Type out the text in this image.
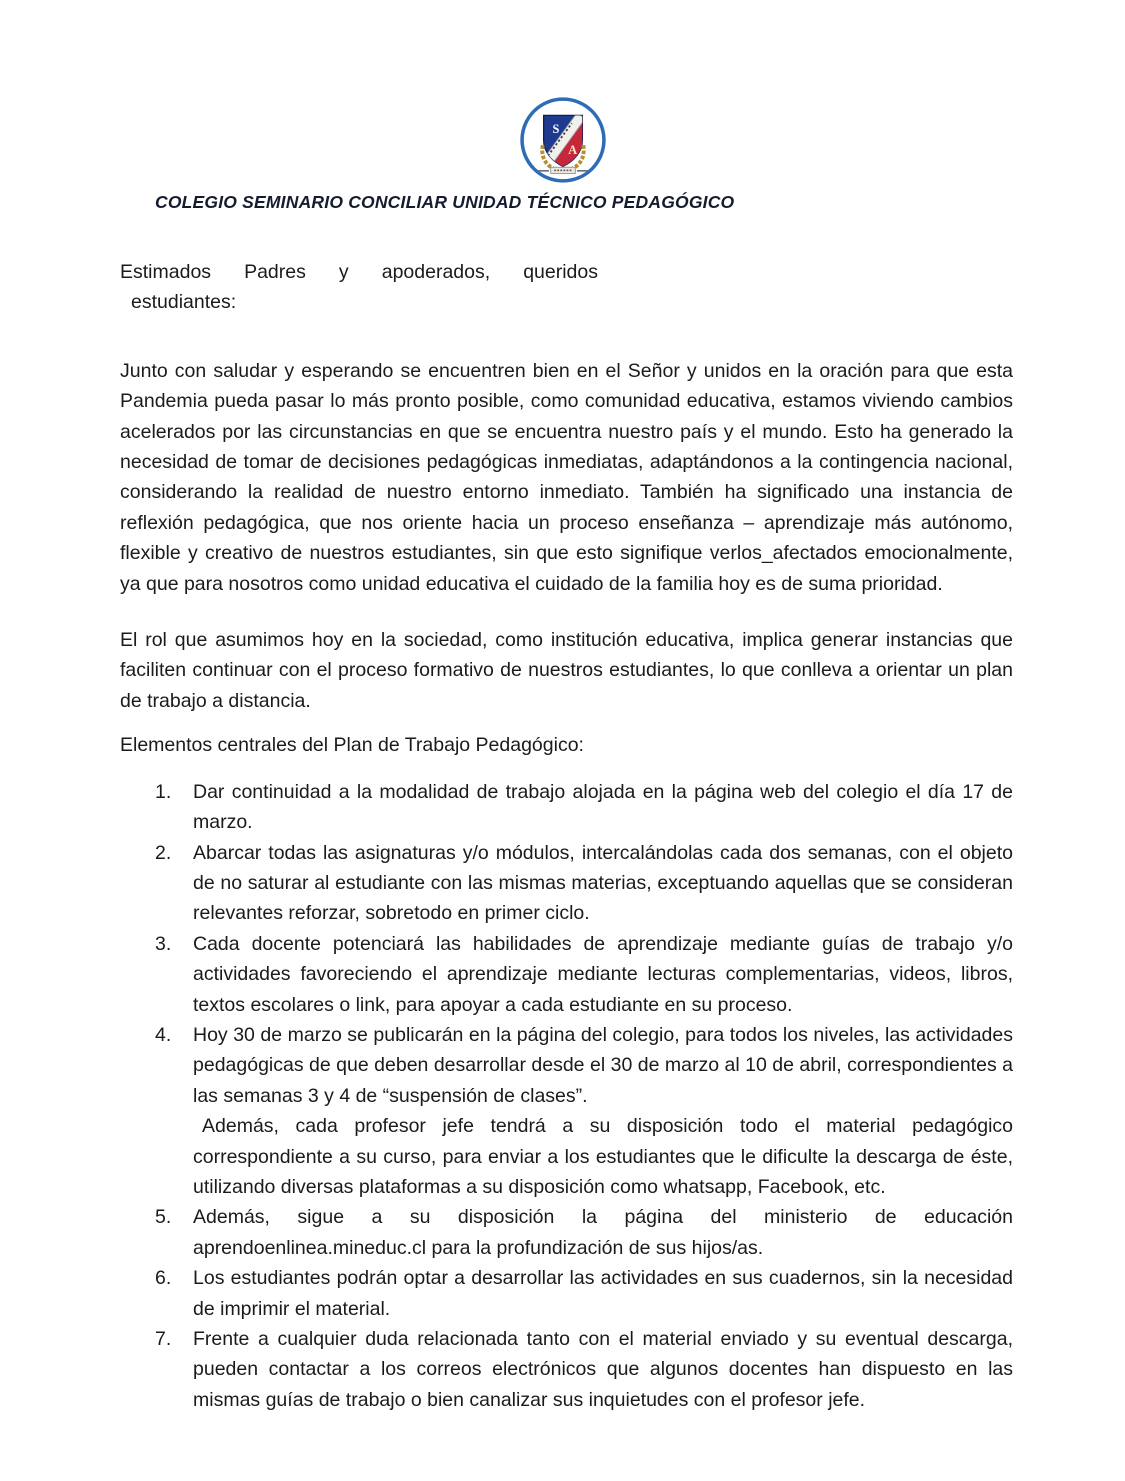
S
A
COLEGIO SEMINARIO CONCILIAR UNIDAD TÉCNICO PEDAGÓGICO
Estimados Padres y apoderados, queridos
estudiantes:
Junto con saludar y esperando se encuentren bien en el Señor y unidos en la oración para que esta Pandemia pueda pasar lo más pronto posible, como comunidad educativa, estamos viviendo cambios acelerados por las circunstancias en que se encuentra nuestro país y el mundo. Esto ha generado la necesidad de tomar de decisiones pedagógicas inmediatas, adaptándonos a la contingencia nacional, considerando la realidad de nuestro entorno inmediato. También ha significado una instancia de reflexión pedagógica, que nos oriente hacia un proceso enseñanza – aprendizaje más autónomo, flexible y creativo de nuestros estudiantes, sin que esto signifique verlos_afectados emocionalmente, ya que para nosotros como unidad educativa el cuidado de la familia hoy es de suma prioridad.
El rol que asumimos hoy en la sociedad, como institución educativa, implica generar instancias que faciliten continuar con el proceso formativo de nuestros estudiantes, lo que conlleva a orientar un plan de trabajo a distancia.
Elementos centrales del Plan de Trabajo Pedagógico:
1.	Dar continuidad a la modalidad de trabajo alojada en la página web del colegio el día 17 de marzo.
2.	Abarcar todas las asignaturas y/o módulos, intercalándolas cada dos semanas, con el objeto de no saturar al estudiante con las mismas materias, exceptuando aquellas que se consideran relevantes reforzar, sobretodo en primer ciclo.
3.	Cada docente potenciará las habilidades de aprendizaje mediante guías de trabajo y/o actividades favoreciendo el aprendizaje mediante lecturas complementarias, videos, libros, textos escolares o link, para apoyar a cada estudiante en su proceso.
4.	Hoy 30 de marzo se publicarán en la página del colegio, para todos los niveles, las actividades pedagógicas de que deben desarrollar desde el 30 de marzo al 10 de abril, correspondientes a las semanas 3 y 4 de “suspensión de clases”.
Además, cada profesor jefe tendrá a su disposición todo el material pedagógico correspondiente a su curso, para enviar a los estudiantes que le dificulte la descarga de éste, utilizando diversas plataformas a su disposición como whatsapp, Facebook, etc.
5.	Además, sigue a su disposición la página del ministerio de educación aprendoenlinea.mineduc.cl para la profundización de sus hijos/as.
6.	Los estudiantes podrán optar a desarrollar las actividades en sus cuadernos, sin la necesidad de imprimir el material.
7.	Frente a cualquier duda relacionada tanto con el material enviado y su eventual descarga, pueden contactar a los correos electrónicos que algunos docentes han dispuesto en las mismas guías de trabajo o bien canalizar sus inquietudes con el profesor jefe.
